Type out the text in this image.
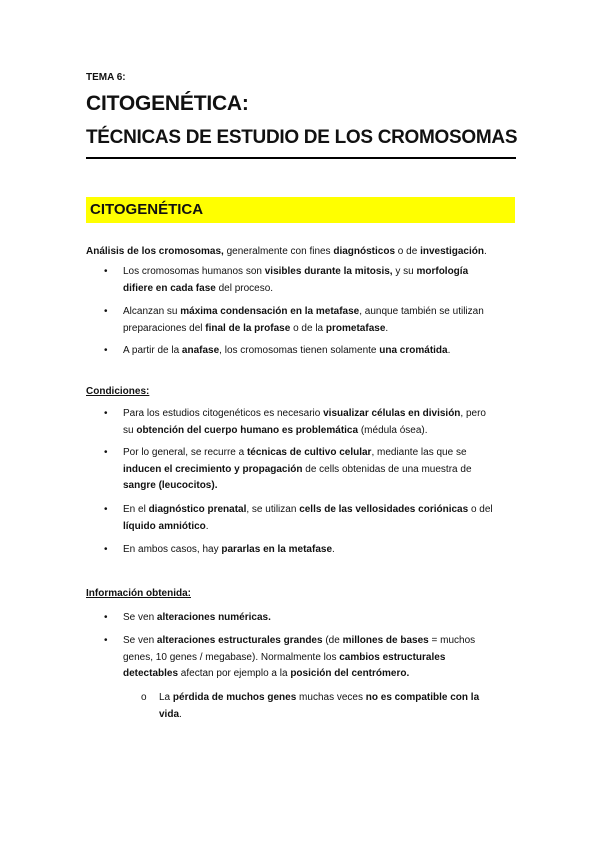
TEMA 6:
CITOGENÉTICA:
TÉCNICAS DE ESTUDIO DE LOS CROMOSOMAS
CITOGENÉTICA
Análisis de los cromosomas, generalmente con fines diagnósticos o de investigación.
• Los cromosomas humanos son visibles durante la mitosis, y su morfología
difiere en cada fase del proceso.
• Alcanzan su máxima condensación en la metafase, aunque también se utilizan
preparaciones del final de la profase o de la prometafase.
• A partir de la anafase, los cromosomas tienen solamente una cromátida.
Condiciones:
• Para los estudios citogenéticos es necesario visualizar células en división, pero
su obtención del cuerpo humano es problemática (médula ósea).
• Por lo general, se recurre a técnicas de cultivo celular, mediante las que se
inducen el crecimiento y propagación de cells obtenidas de una muestra de
sangre (leucocitos).
• En el diagnóstico prenatal, se utilizan cells de las vellosidades coriónicas o del
líquido amniótico.
• En ambos casos, hay pararlas en la metafase.
Información obtenida:
• Se ven alteraciones numéricas.
• Se ven alteraciones estructurales grandes (de millones de bases = muchos
genes, 10 genes / megabase). Normalmente los cambios estructurales
detectables afectan por ejemplo a la posición del centrómero.
o La pérdida de muchos genes muchas veces no es compatible con la
vida.
